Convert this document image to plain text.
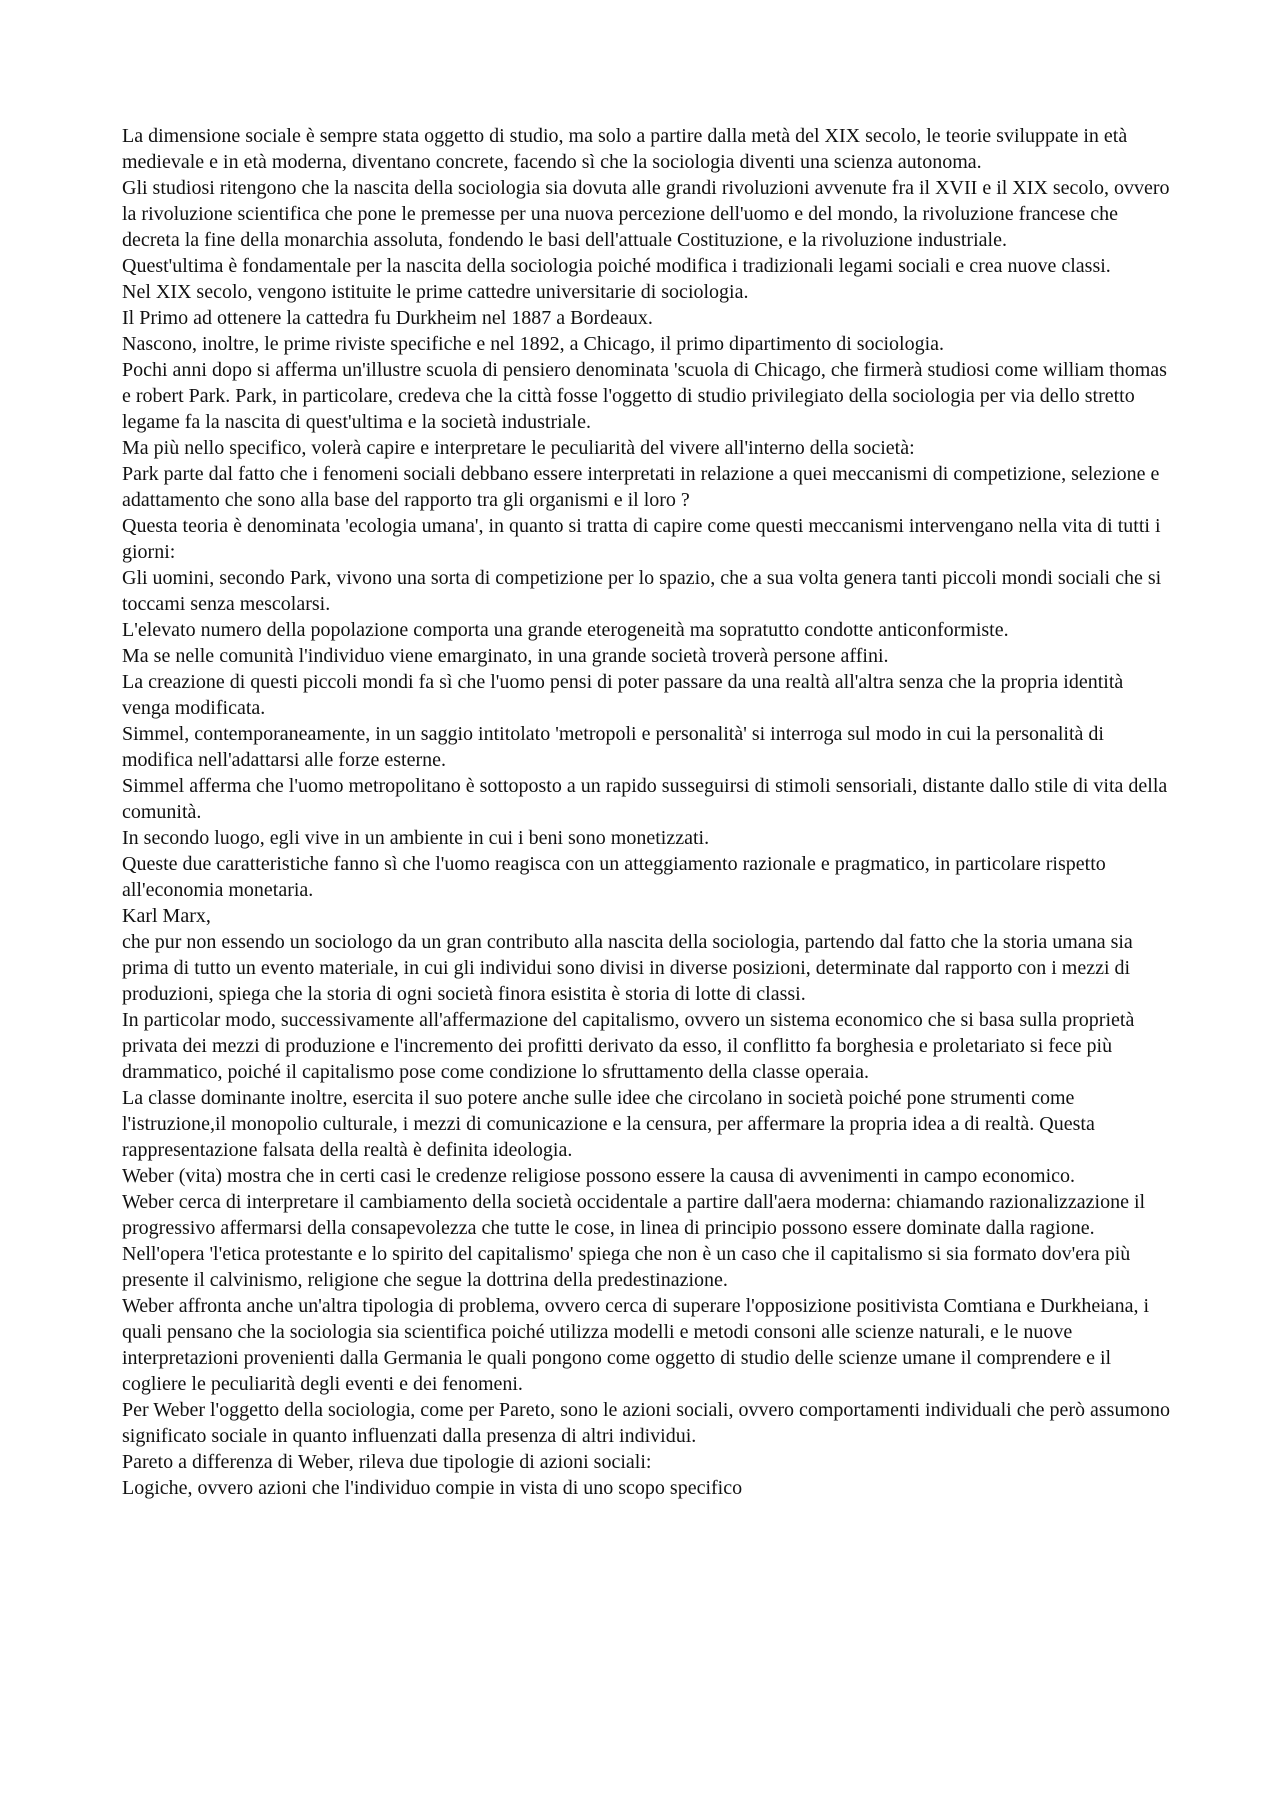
La dimensione sociale è sempre stata oggetto di studio, ma solo a partire dalla metà del XIX secolo, le teorie sviluppate in età medievale e in età moderna, diventano concrete, facendo sì che la sociologia diventi una scienza autonoma.

Gli studiosi ritengono che la nascita della sociologia sia dovuta alle grandi rivoluzioni avvenute fra il XVII e il XIX secolo, ovvero la rivoluzione scientifica che pone le premesse per una nuova percezione dell'uomo e del mondo, la rivoluzione francese che decreta la fine della monarchia assoluta, fondendo le basi dell'attuale Costituzione, e la rivoluzione industriale.

Quest'ultima è fondamentale per la nascita della sociologia poiché modifica i tradizionali legami sociali e crea nuove classi.

Nel XIX secolo, vengono istituite le prime cattedre universitarie di sociologia.

Il Primo ad ottenere la cattedra fu Durkheim nel 1887 a Bordeaux.

Nascono, inoltre, le prime riviste specifiche e nel 1892, a Chicago, il primo dipartimento di sociologia.

Pochi anni dopo si afferma un'illustre scuola di pensiero denominata 'scuola di Chicago, che firmerà studiosi come william thomas e robert Park. Park, in particolare, credeva che la città fosse l'oggetto di studio privilegiato della sociologia per via dello stretto legame fa la nascita di quest'ultima e la società industriale.

Ma più nello specifico, volerà capire e interpretare le peculiarità del vivere all'interno della società:

Park parte dal fatto che i fenomeni sociali debbano essere interpretati in relazione a quei meccanismi di competizione, selezione e adattamento che sono alla base del rapporto tra gli organismi e il loro ?

Questa teoria è denominata 'ecologia umana', in quanto si tratta di capire come questi meccanismi intervengano nella vita di tutti i giorni:

Gli uomini, secondo Park, vivono una sorta di competizione per lo spazio, che a sua volta genera tanti piccoli mondi sociali che si toccami senza mescolarsi.

L'elevato numero della popolazione comporta una grande eterogeneità ma sopratutto condotte anticonformiste.

Ma se nelle comunità l'individuo viene emarginato, in una grande società troverà persone affini.

La creazione di questi piccoli mondi fa sì che l'uomo pensi di poter passare da una realtà all'altra senza che la propria identità venga modificata.

Simmel, contemporaneamente, in un saggio intitolato 'metropoli e personalità' si interroga sul modo in cui la personalità di modifica nell'adattarsi alle forze esterne.

Simmel afferma che l'uomo metropolitano è sottoposto a un rapido susseguirsi di stimoli sensoriali, distante dallo stile di vita della comunità.

In secondo luogo, egli vive in un ambiente in cui i beni sono monetizzati.

Queste due caratteristiche fanno sì che l'uomo reagisca con un atteggiamento razionale e pragmatico, in particolare rispetto all'economia monetaria.

Karl Marx,

che pur non essendo un sociologo da un gran contributo alla nascita della sociologia, partendo dal fatto che la storia umana sia prima di tutto un evento materiale, in cui gli individui sono divisi in diverse posizioni, determinate dal rapporto con i mezzi di produzioni, spiega che la storia di ogni società finora esistita è storia di lotte di classi.

In particolar modo, successivamente all'affermazione del capitalismo, ovvero un sistema economico che si basa sulla proprietà privata dei mezzi di produzione e l'incremento dei profitti derivato da esso, il conflitto fa borghesia e proletariato si fece più drammatico, poiché il capitalismo pose come condizione lo sfruttamento della classe operaia.

La classe dominante inoltre, esercita il suo potere anche sulle idee che circolano in società poiché pone strumenti come l'istruzione,il monopolio culturale, i mezzi di comunicazione e la censura, per affermare la propria idea a di realtà. Questa rappresentazione falsata della realtà è definita ideologia.

Weber (vita) mostra che in certi casi le credenze religiose possono essere la causa di avvenimenti in campo economico.

Weber cerca di interpretare il cambiamento della società occidentale a partire dall'aera moderna: chiamando razionalizzazione il progressivo affermarsi della consapevolezza che tutte le cose, in linea di principio possono essere dominate dalla ragione.

Nell'opera 'l'etica protestante e lo spirito del capitalismo' spiega che non è un caso che il capitalismo si sia formato dov'era più presente il calvinismo, religione che segue la dottrina della predestinazione.

Weber affronta anche un'altra tipologia di problema, ovvero cerca di superare l'opposizione positivista Comtiana e Durkheiana, i quali pensano che la sociologia sia scientifica poiché utilizza modelli e metodi consoni alle scienze naturali, e le nuove interpretazioni provenienti dalla Germania le quali pongono come oggetto di studio delle scienze umane il comprendere e il cogliere le peculiarità degli eventi e dei fenomeni.

Per Weber l'oggetto della sociologia, come per Pareto, sono le azioni sociali, ovvero comportamenti individuali che però assumono significato sociale in quanto influenzati dalla presenza di altri individui.

Pareto a differenza di Weber, rileva due tipologie di azioni sociali:

Logiche, ovvero azioni che l'individuo compie in vista di uno scopo specifico
